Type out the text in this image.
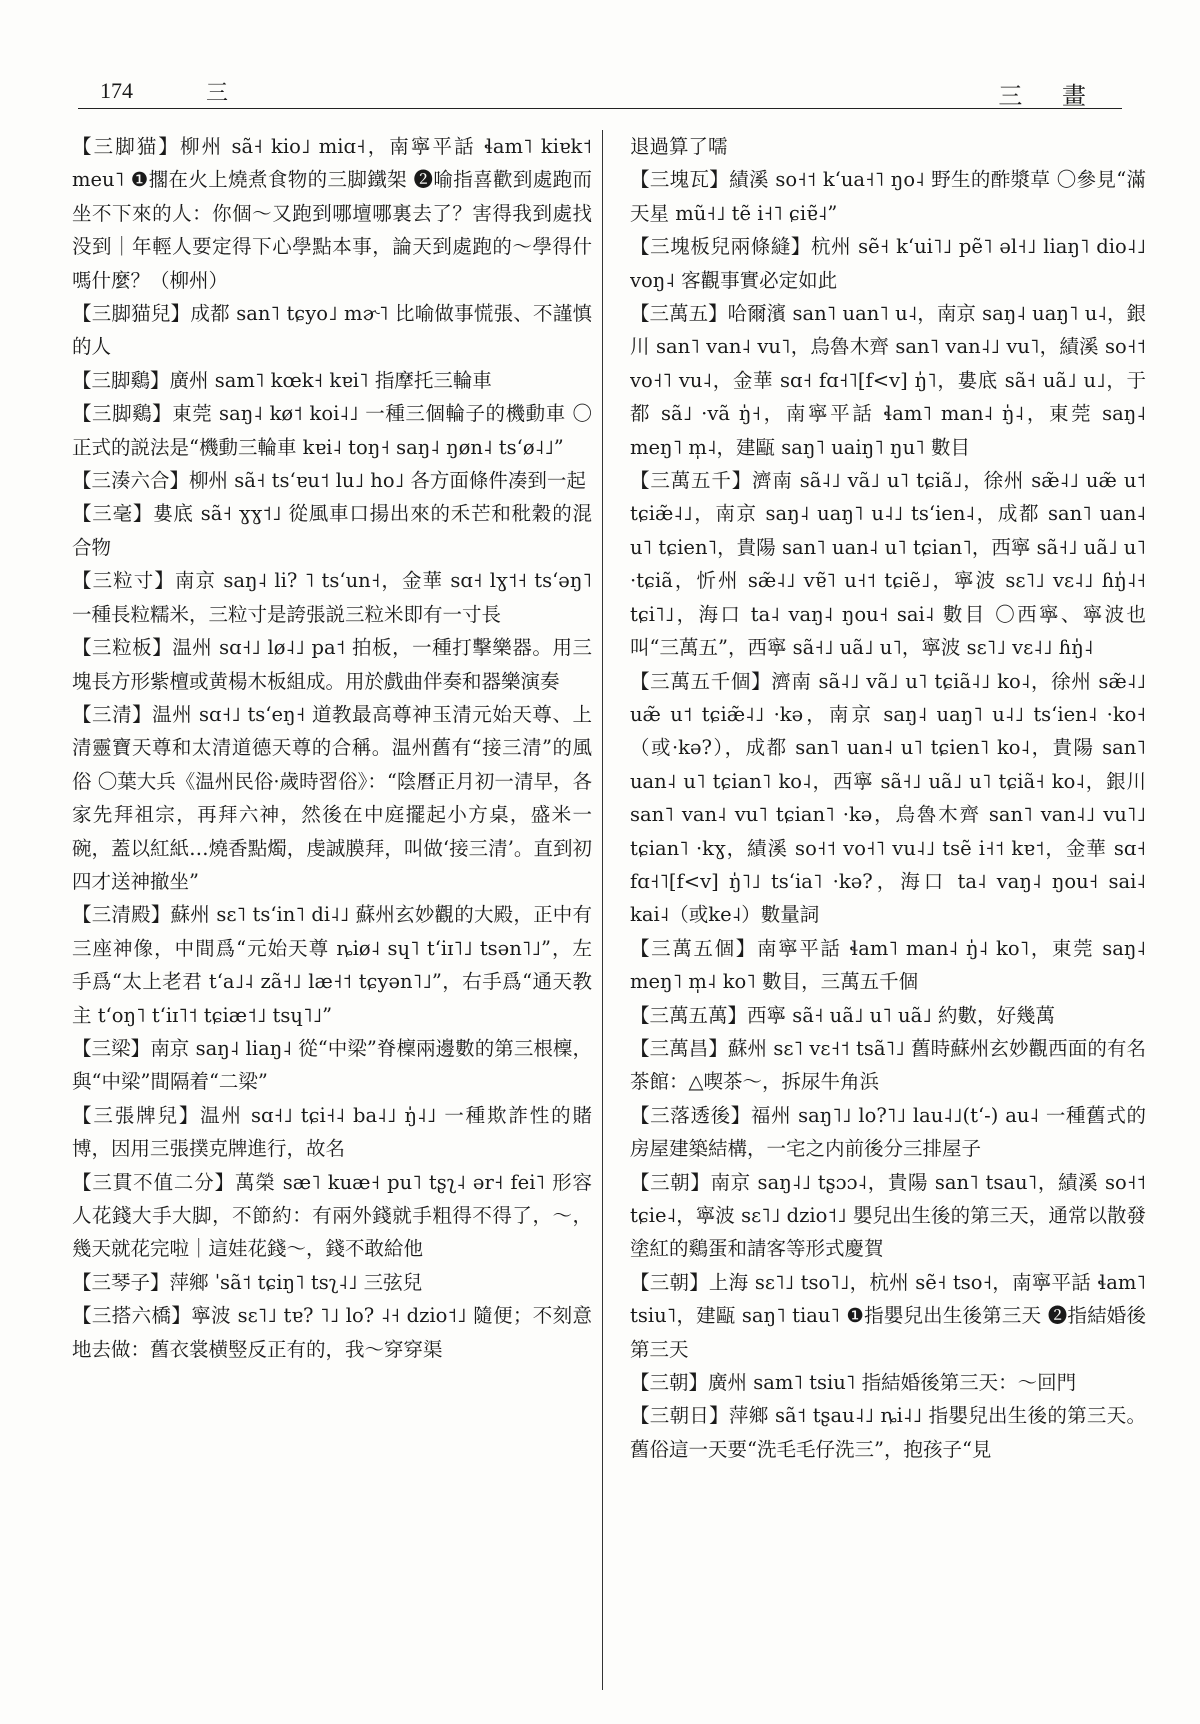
174	三	三 畫

【三脚猫】柳州 sã˧ kio˩ miɑ˧，南寧平話 ɬam˥ kiɐk˦ meu˥ ❶擱在火上燒煮食物的三脚鐵架 ❷喻指喜歡到處跑而坐不下來的人：你個～又跑到哪壇哪裏去了？害得我到處找没到｜年輕人要定得下心學點本事，論天到處跑的～學得什嗎什麼？（柳州）

【三脚猫兒】成都 san˥ tɕyo˩ mɚ˥ 比喻做事慌張、不謹慎的人

【三脚鷄】廣州 sam˥ kœk˧ kɐi˥ 指摩托三輪車

【三脚鷄】東莞 saŋ˨ kø˦ koi˨˩ 一種三個輪子的機動車 〇正式的説法是“機動三輪車 kɐi˨ toŋ˧ saŋ˨ ŋøn˨ tsʻø˨˩”

【三湊六合】柳州 sã˧ tsʻɐu˦ lu˩ ho˩ 各方面條件凑到一起

【三毫】婁底 sã˧ ɣɣ˦˩ 從風車口揚出來的禾芒和秕穀的混合物

【三粒寸】南京 saŋ˨ li? ˥ tsʻun˧，金華 sɑ˧ lɣ˦˧ tsʻəŋ˥ 一種長粒糯米，三粒寸是誇張説三粒米即有一寸長

【三粒板】温州 sɑ˧˩ lø˨˩ pa˦ 拍板，一種打擊樂器。用三塊長方形紫檀或黄楊木板組成。用於戲曲伴奏和器樂演奏

【三清】温州 sɑ˧˩ tsʻeŋ˧ 道教最高尊神玉清元始天尊、上清靈寶天尊和太清道德天尊的合稱。温州舊有“接三清”的風俗 〇葉大兵《温州民俗·歲時習俗》：“陰曆正月初一清早，各家先拜祖宗，再拜六神，然後在中庭擺起小方桌，盛米一碗，蓋以紅紙…燒香點燭，虔誠膜拜，叫做‘接三清’。直到初四才送神撤坐”

【三清殿】蘇州 sɛ˥ tsʻin˥ di˨˩ 蘇州玄妙觀的大殿，正中有三座神像，中間爲“元始天尊 ȵiø˨ sɥ˥ tʻiɪ˥˩ tsən˥˩”，左手爲“太上老君 tʻa˩˨ zã˧˩ læ˧˦ tɕyən˥˩”，右手爲“通天教主 tʻoŋ˥ tʻiɪ˥˦ tɕiæ˦˩ tsɥ˥˩”

【三梁】南京 saŋ˨ liaŋ˨ 從“中梁”脊檁兩邊數的第三根檁，與“中梁”間隔着“二梁”

【三張牌兒】温州 sɑ˧˩ tɕi˧˨ ba˨˩ ŋ̍˨˩ 一種欺詐性的賭博，因用三張撲克牌進行，故名

【三貫不值二分】萬榮 sæ˥ kuæ˧ pu˥ tʂʅ˨ ər˧ fei˥ 形容人花錢大手大脚，不節約：有兩外錢就手粗得不得了，～，幾天就花完啦｜這娃花錢～，錢不敢給他

【三琴子】萍鄉 ˈsã˦ tɕiŋ˥ tsʅ˨˩ 三弦兒

【三搭六橋】寧波 sɛ˥˩ tɐ? ˥˩ lo? ˨˧ dzio˦˩ 隨便；不刻意地去做：舊衣裳横竪反正有的，我～穿穿渠

退過算了嚅

【三塊瓦】績溪 so˧˦ kʻua˧˥ ŋo˨ 野生的酢漿草 〇參見“滿天星 mũ˧˩ tẽ i˧˥ ɕiɐ̃˨”

【三塊板兒兩條縫】杭州 sẽ˧ kʻui˥˩ pẽ˥ əl˧˩ liaŋ˥ dio˨˩ voŋ˨ 客觀事實必定如此

【三萬五】哈爾濱 san˥ uan˥ u˨，南京 saŋ˨ uaŋ˥ u˨，銀川 san˥ van˨ vu˥，烏魯木齊 san˥ van˨˩ vu˥，績溪 so˧˦ vo˧˥ vu˨，金華 sɑ˧ fɑ˧˥[f<v] ŋ̍˥，婁底 sã˧ uã˩ u˩，于都 sã˩ ·vã ŋ̍˧，南寧平話 ɬam˥ man˨ ŋ̍˨，東莞 saŋ˨ meŋ˥ m̩˨，建甌 saŋ˥ uaiŋ˥ ŋu˥ 數目

【三萬五千】濟南 sã˨˩ vã˩ u˥ tɕiã˩，徐州 sæ̃˨˩ uæ̃ u˦ tɕiæ̃˨˩，南京 saŋ˨ uaŋ˥ u˨˩ tsʻien˨，成都 san˥ uan˨ u˥ tɕien˥，貴陽 san˥ uan˨ u˥ tɕian˥，西寧 sã˧˩ uã˩ u˥ ·tɕiã，忻州 sæ̃˨˩ vɐ̃˥ u˧˦ tɕiẽ˩，寧波 sɛ˥˩ vɛ˨˩ ɦŋ̍˨˧ tɕi˥˩，海口 ta˨ vaŋ˨ ŋou˧ sai˨ 數目 〇西寧、寧波也叫“三萬五”，西寧 sã˧˩ uã˩ u˥，寧波 sɛ˥˩ vɛ˨˩ ɦŋ̍˨

【三萬五千個】濟南 sã˨˩ vã˩ u˥ tɕiã˨˩ ko˨，徐州 sæ̃˨˩ uæ̃ u˦ tɕiæ̃˨˩ ·kə，南京 saŋ˨ uaŋ˥ u˨˩ tsʻien˨ ·ko˧（或·kə?），成都 san˥ uan˨ u˥ tɕien˥ ko˨，貴陽 san˥ uan˨ u˥ tɕian˥ ko˨，西寧 sã˧˩ uã˩ u˥ tɕiã˧ ko˨，銀川 san˥ van˨ vu˥ tɕian˥ ·kə，烏魯木齊 san˥ van˨˩ vu˥˩ tɕian˥ ·kɣ，績溪 so˧˦ vo˧˥ vu˨˩ tsẽ i˧˦ kɐ˦，金華 sɑ˧ fɑ˧˥[f<v] ŋ̍˥˩ tsʻia˥ ·kə?，海口 ta˨ vaŋ˨ ŋou˧ sai˨ kai˨（或ke˨）數量詞

【三萬五個】南寧平話 ɬam˥ man˨ ŋ̍˨ ko˥，東莞 saŋ˨ meŋ˥ m̩˨ ko˥ 數目，三萬五千個

【三萬五萬】西寧 sã˧ uã˩ u˥ uã˩ 約數，好幾萬

【三萬昌】蘇州 sɛ˥ vɛ˧˦ tsã˥˩ 舊時蘇州玄妙觀西面的有名茶館：△喫茶～，拆尿牛角浜

【三落透後】福州 saŋ˥˩ lo?˥˩ lau˨˩(tʻ-) au˨ 一種舊式的房屋建築結構，一宅之内前後分三排屋子

【三朝】南京 saŋ˨˩ tʂɔɔ˨，貴陽 san˥ tsau˥，績溪 so˧˦ tɕie˨，寧波 sɛ˥˩ dzio˦˩ 嬰兒出生後的第三天，通常以散發塗紅的鷄蛋和請客等形式慶賀

【三朝】上海 sɛ˥˩ tso˥˩，杭州 sẽ˧ tso˧，南寧平話 ɬam˥ tsiu˥，建甌 saŋ˥ tiau˥ ❶指嬰兒出生後第三天 ❷指結婚後第三天

【三朝】廣州 sam˥ tsiu˥ 指結婚後第三天：～回門

【三朝日】萍鄉 sã˦ tʂau˨˩ ȵi˨˩ 指嬰兒出生後的第三天。舊俗這一天要“洗毛毛仔洗三”，抱孩子“見
